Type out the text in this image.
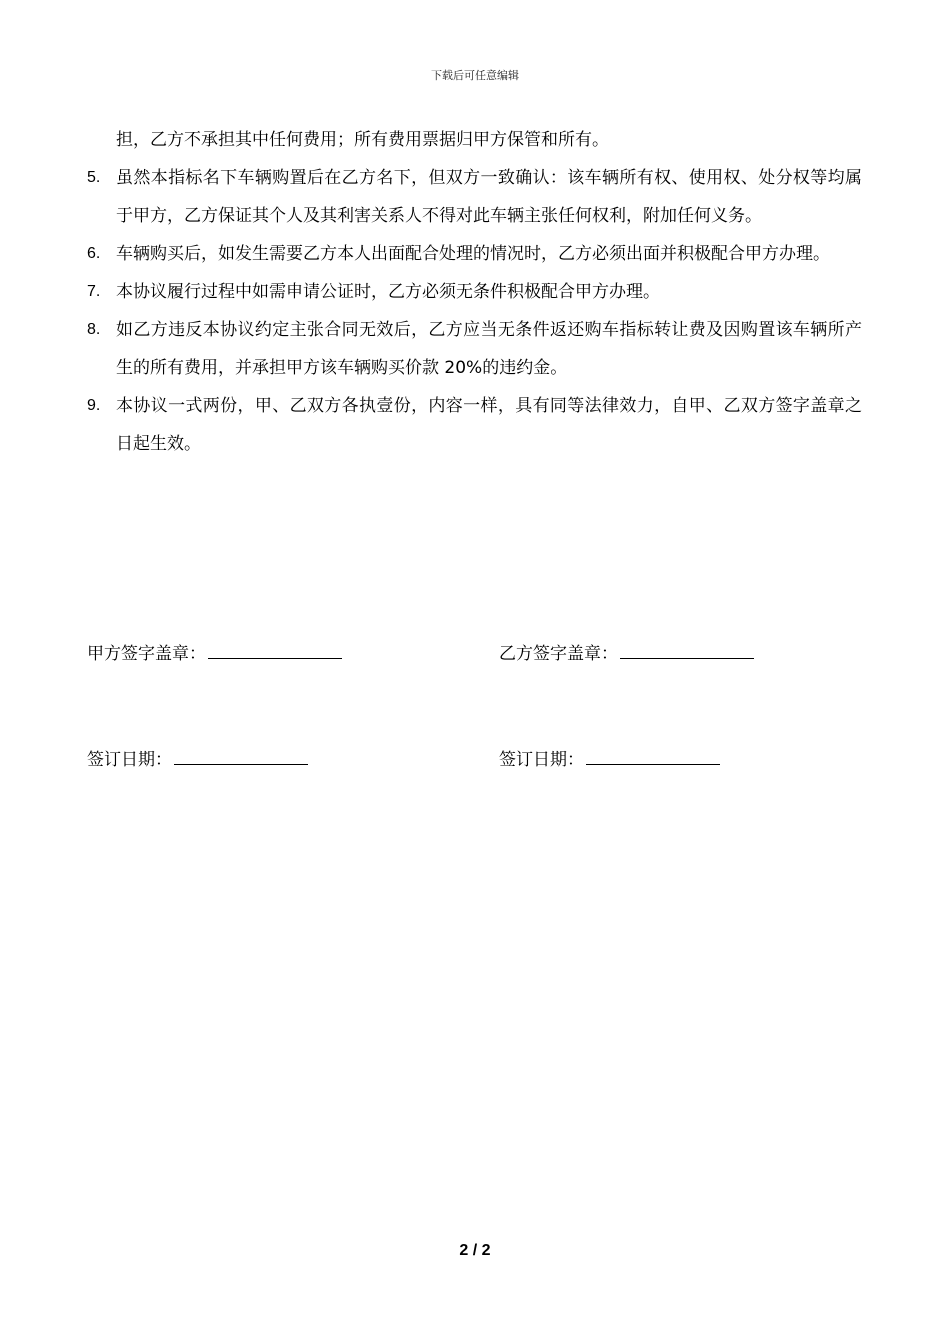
下载后可任意编辑
担，乙方不承担其中任何费用；所有费用票据归甲方保管和所有。
5. 虽然本指标名下车辆购置后在乙方名下，但双方一致确认：该车辆所有权、使用权、处分权等均属于甲方，乙方保证其个人及其利害关系人不得对此车辆主张任何权利，附加任何义务。
6. 车辆购买后，如发生需要乙方本人出面配合处理的情况时，乙方必须出面并积极配合甲方办理。
7. 本协议履行过程中如需申请公证时，乙方必须无条件积极配合甲方办理。
8. 如乙方违反本协议约定主张合同无效后，乙方应当无条件返还购车指标转让费及因购置该车辆所产生的所有费用，并承担甲方该车辆购买价款 20%的违约金。
9. 本协议一式两份，甲、乙双方各执壹份，内容一样，具有同等法律效力，自甲、乙双方签字盖章之日起生效。
甲方签字盖章：	乙方签字盖章：
签订日期：	签订日期：
2 / 2
